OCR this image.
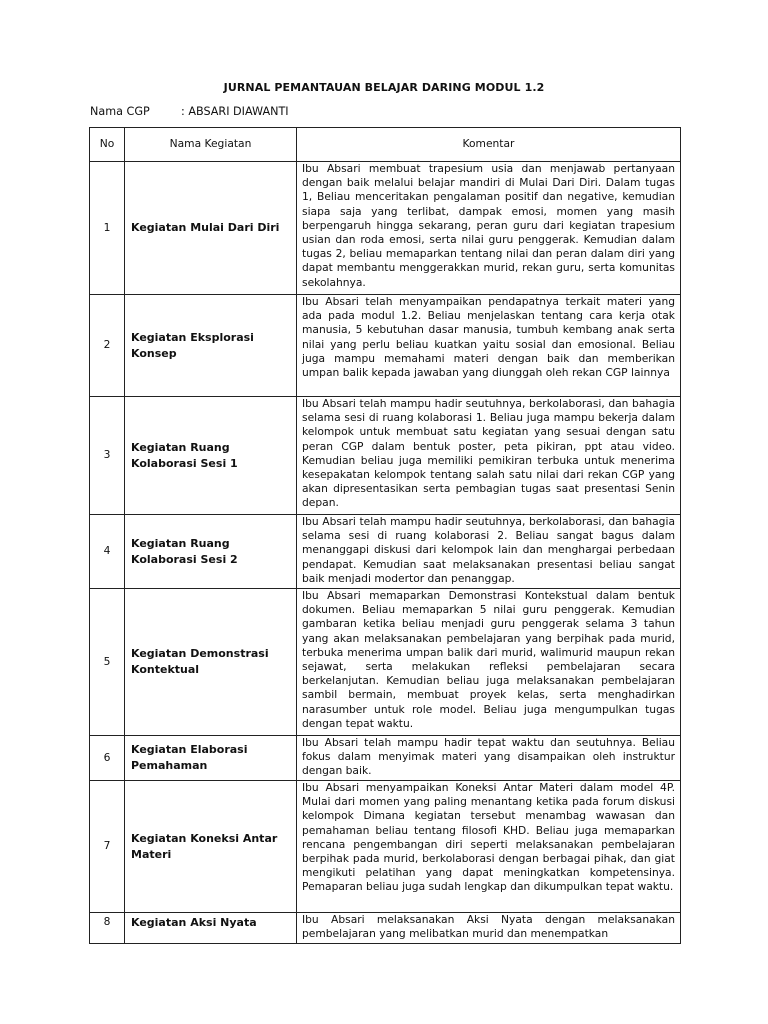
JURNAL PEMANTAUAN BELAJAR DARING MODUL 1.2
Nama CGP	: ABSARI DIAWANTI
No	Nama Kegiatan	Komentar
1	Kegiatan Mulai Dari Diri	Ibu Absari membuat trapesium usia dan menjawab pertanyaan dengan baik melalui belajar mandiri di Mulai Dari Diri. Dalam tugas 1, Beliau menceritakan pengalaman positif dan negative, kemudian siapa saja yang terlibat, dampak emosi, momen yang masih berpengaruh hingga sekarang, peran guru dari kegiatan trapesium usian dan roda emosi, serta nilai guru penggerak. Kemudian dalam tugas 2, beliau memaparkan tentang nilai dan peran dalam diri yang dapat membantu menggerakkan murid, rekan guru, serta komunitas sekolahnya.
2	Kegiatan Eksplorasi Konsep	Ibu Absari telah menyampaikan pendapatnya terkait materi yang ada pada modul 1.2. Beliau menjelaskan tentang cara kerja otak manusia, 5 kebutuhan dasar manusia, tumbuh kembang anak serta nilai yang perlu beliau kuatkan yaitu sosial dan emosional. Beliau juga mampu memahami materi dengan baik dan memberikan umpan balik kepada jawaban yang diunggah oleh rekan CGP lainnya
3	Kegiatan Ruang Kolaborasi Sesi 1	Ibu Absari telah mampu hadir seutuhnya, berkolaborasi, dan bahagia selama sesi di ruang kolaborasi 1. Beliau juga mampu bekerja dalam kelompok untuk membuat satu kegiatan yang sesuai dengan satu peran CGP dalam bentuk poster, peta pikiran, ppt atau video. Kemudian beliau juga memiliki pemikiran terbuka untuk menerima kesepakatan kelompok tentang salah satu nilai dari rekan CGP yang akan dipresentasikan serta pembagian tugas saat presentasi Senin depan.
4	Kegiatan Ruang Kolaborasi Sesi 2	Ibu Absari telah mampu hadir seutuhnya, berkolaborasi, dan bahagia selama sesi di ruang kolaborasi 2. Beliau sangat bagus dalam menanggapi diskusi dari kelompok lain dan menghargai perbedaan pendapat. Kemudian saat melaksanakan presentasi beliau sangat baik menjadi modertor dan penanggap.
5	Kegiatan Demonstrasi Kontektual	Ibu Absari memaparkan Demonstrasi Kontekstual dalam bentuk dokumen. Beliau memaparkan 5 nilai guru penggerak. Kemudian gambaran ketika beliau menjadi guru penggerak selama 3 tahun yang akan melaksanakan pembelajaran yang berpihak pada murid, terbuka menerima umpan balik dari murid, walimurid maupun rekan sejawat, serta melakukan refleksi pembelajaran secara berkelanjutan. Kemudian beliau juga melaksanakan pembelajaran sambil bermain, membuat proyek kelas, serta menghadirkan narasumber untuk role model. Beliau juga mengumpulkan tugas dengan tepat waktu.
6	Kegiatan Elaborasi Pemahaman	Ibu Absari telah mampu hadir tepat waktu dan seutuhnya. Beliau fokus dalam menyimak materi yang disampaikan oleh instruktur dengan baik.
7	Kegiatan Koneksi Antar Materi	Ibu Absari menyampaikan Koneksi Antar Materi dalam model 4P. Mulai dari momen yang paling menantang ketika pada forum diskusi kelompok Dimana kegiatan tersebut menambag wawasan dan pemahaman beliau tentang filosofi KHD. Beliau juga memaparkan rencana pengembangan diri seperti melaksanakan pembelajaran berpihak pada murid, berkolaborasi dengan berbagai pihak, dan giat mengikuti pelatihan yang dapat meningkatkan kompetensinya. Pemaparan beliau juga sudah lengkap dan dikumpulkan tepat waktu.
8	Kegiatan Aksi Nyata	Ibu Absari melaksanakan Aksi Nyata dengan melaksanakan pembelajaran yang melibatkan murid dan menempatkan
